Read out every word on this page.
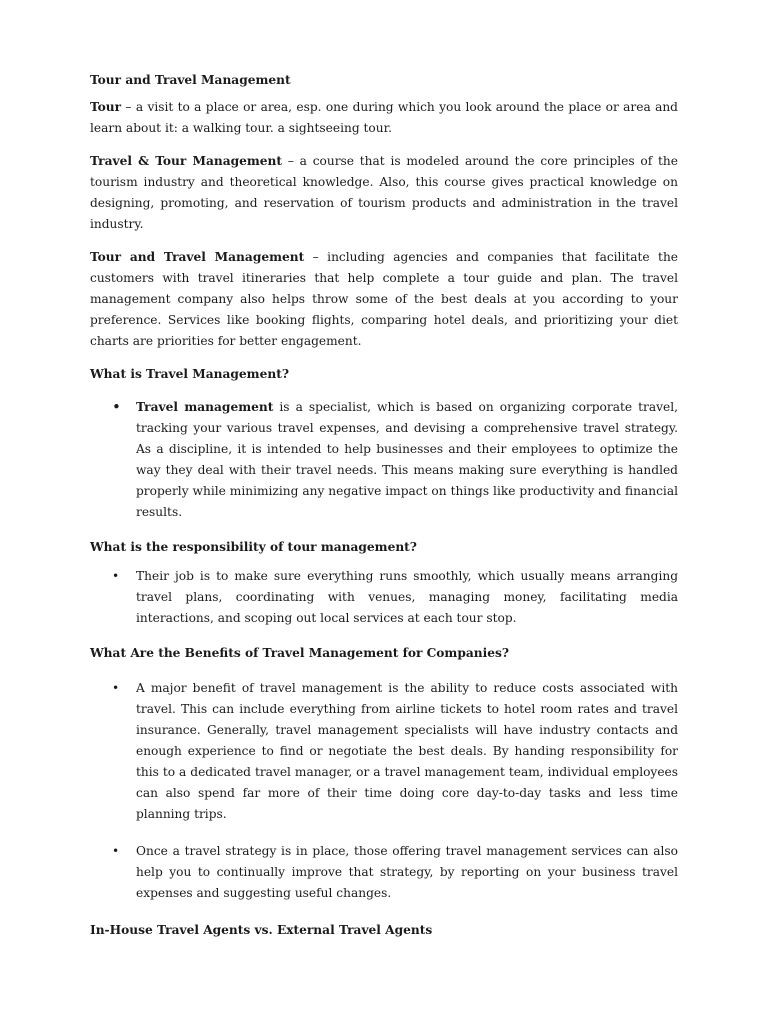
Tour and Travel Management

Tour – a visit to a place or area, esp. one during which you look around the place or area and learn about it: a walking tour. a sightseeing tour.

Travel & Tour Management – a course that is modeled around the core principles of the tourism industry and theoretical knowledge. Also, this course gives practical knowledge on designing, promoting, and reservation of tourism products and administration in the travel industry.

Tour and Travel Management – including agencies and companies that facilitate the customers with travel itineraries that help complete a tour guide and plan. The travel management company also helps throw some of the best deals at you according to your preference. Services like booking flights, comparing hotel deals, and prioritizing your diet charts are priorities for better engagement.

What is Travel Management?
• Travel management is a specialist, which is based on organizing corporate travel, tracking your various travel expenses, and devising a comprehensive travel strategy. As a discipline, it is intended to help businesses and their employees to optimize the way they deal with their travel needs. This means making sure everything is handled properly while minimizing any negative impact on things like productivity and financial results.
What is the responsibility of tour management?
• Their job is to make sure everything runs smoothly, which usually means arranging travel plans, coordinating with venues, managing money, facilitating media interactions, and scoping out local services at each tour stop.
What Are the Benefits of Travel Management for Companies?
• A major benefit of travel management is the ability to reduce costs associated with travel. This can include everything from airline tickets to hotel room rates and travel insurance. Generally, travel management specialists will have industry contacts and enough experience to find or negotiate the best deals. By handing responsibility for this to a dedicated travel manager, or a travel management team, individual employees can also spend far more of their time doing core day-to-day tasks and less time planning trips.
• Once a travel strategy is in place, those offering travel management services can also help you to continually improve that strategy, by reporting on your business travel expenses and suggesting useful changes.
In-House Travel Agents vs. External Travel Agents
